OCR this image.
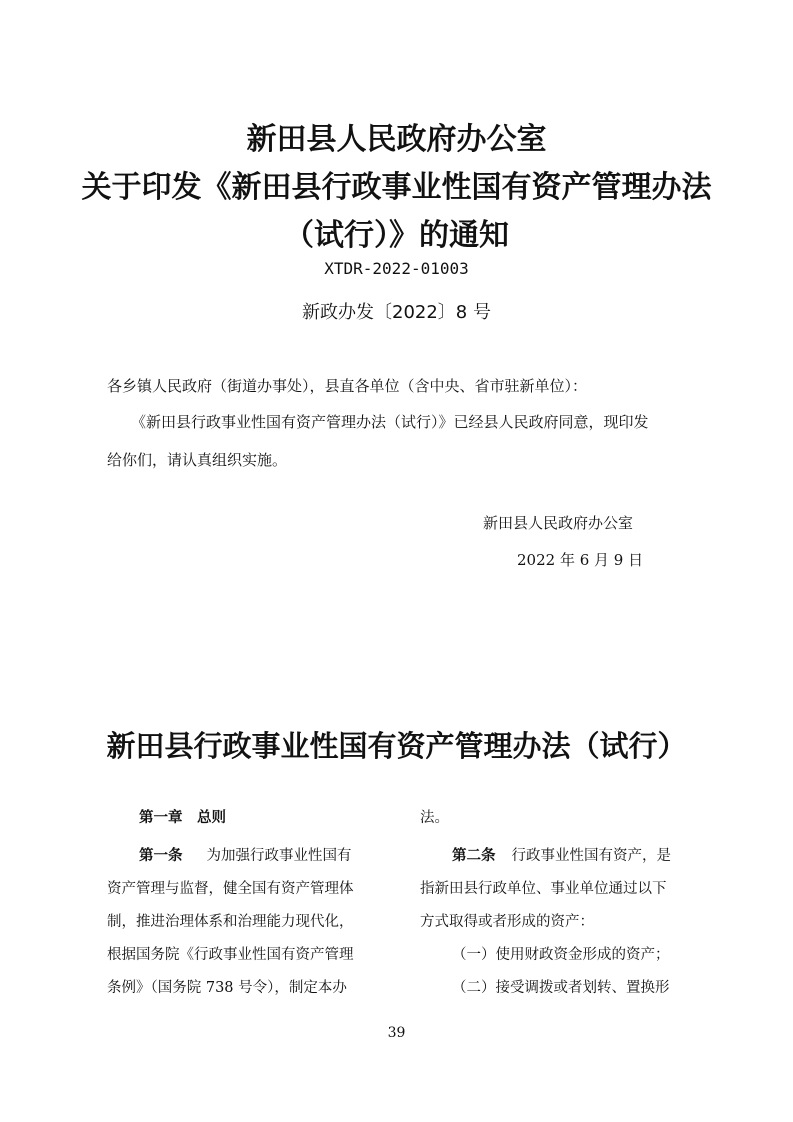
新田县人民政府办公室
关于印发《新田县行政事业性国有资产管理办法
（试行）》的通知
XTDR-2022-01003
新政办发〔2022〕8 号
各乡镇人民政府（街道办事处），县直各单位（含中央、省市驻新单位）：
《新田县行政事业性国有资产管理办法（试行）》已经县人民政府同意，现印发
给你们，请认真组织实施。
新田县人民政府办公室
2022 年 6 月 9 日
新田县行政事业性国有资产管理办法（试行）
第一章　总则
第一条 为加强行政事业性国有
资产管理与监督，健全国有资产管理体
制，推进治理体系和治理能力现代化，
根据国务院《行政事业性国有资产管理
条例》（国务院 738 号令），制定本办
法。
第二条 行政事业性国有资产，是
指新田县行政单位、事业单位通过以下
方式取得或者形成的资产：
（一）使用财政资金形成的资产；
（二）接受调拨或者划转、置换形
39
